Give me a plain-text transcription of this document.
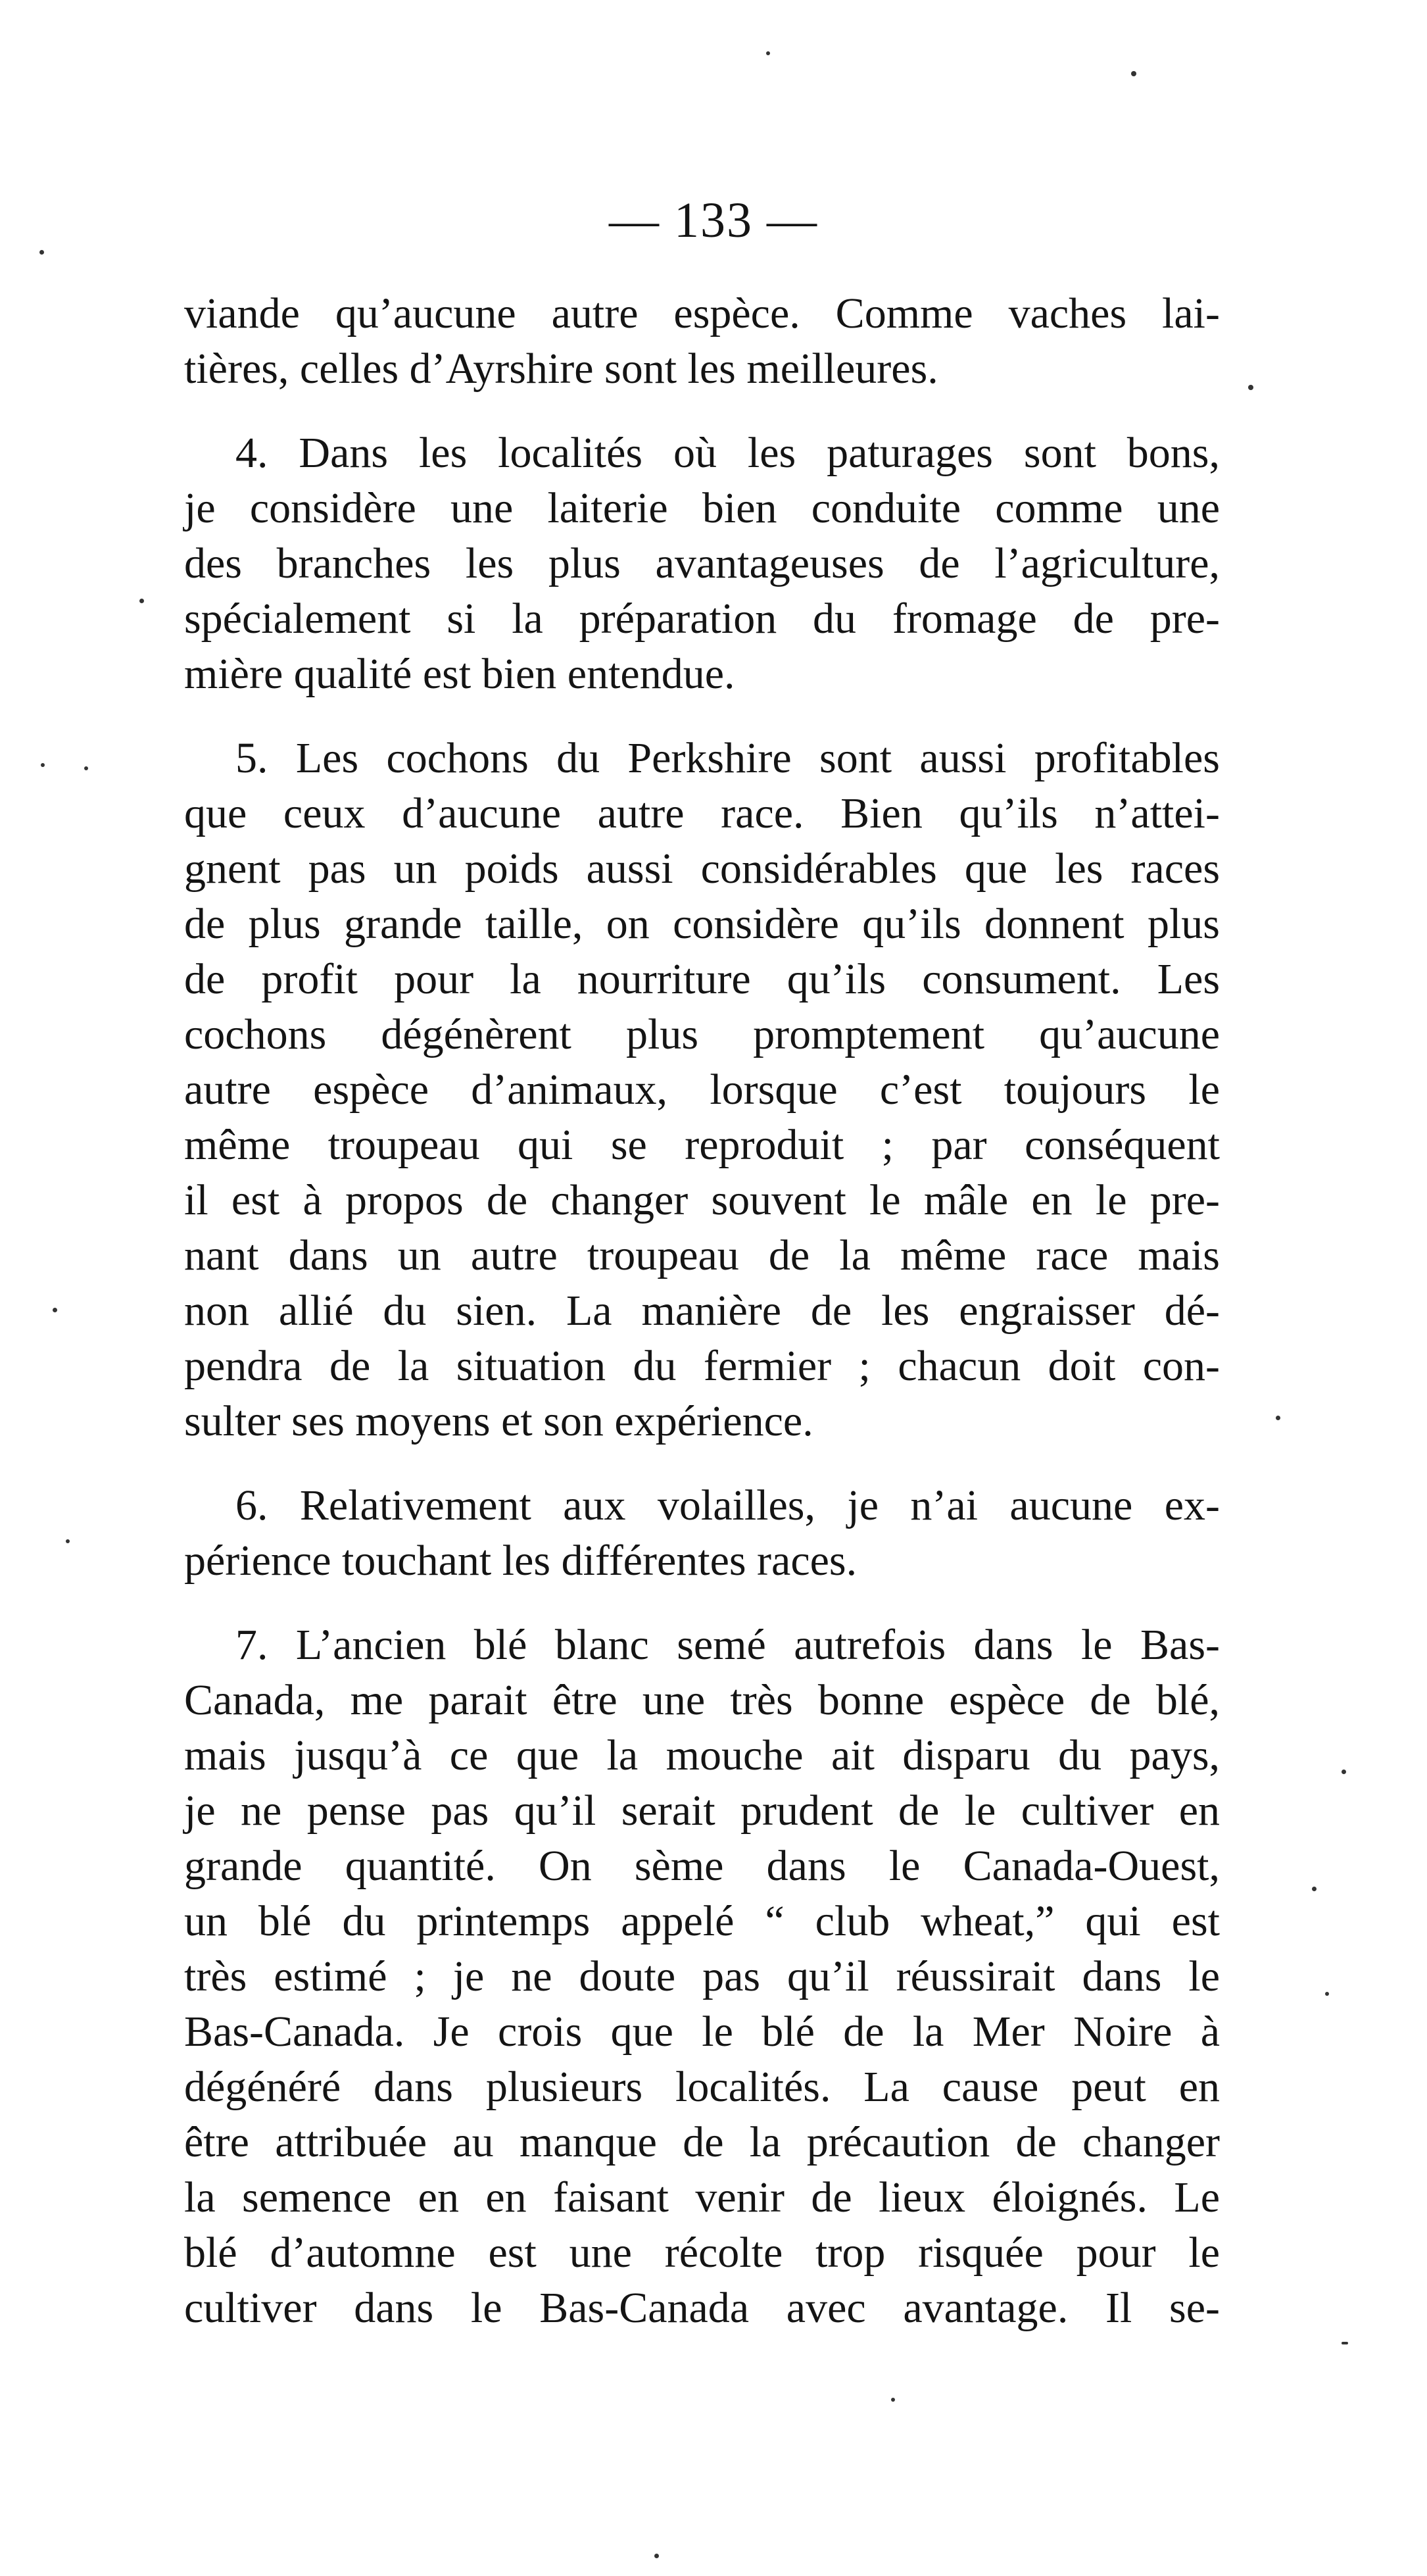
— 133 —

viande qu’aucune autre espèce. Comme vaches lai-
tières, celles d’Ayrshire sont les meilleures.

4. Dans les localités où les paturages sont bons,
je considère une laiterie bien conduite comme une
des branches les plus avantageuses de l’agriculture,
spécialement si la préparation du fromage de pre-
mière qualité est bien entendue.

5. Les cochons du Perkshire sont aussi profitables
que ceux d’aucune autre race. Bien qu’ils n’attei-
gnent pas un poids aussi considérables que les races
de plus grande taille, on considère qu’ils donnent plus
de profit pour la nourriture qu’ils consument. Les
cochons dégénèrent plus promptement qu’aucune
autre espèce d’animaux, lorsque c’est toujours le
même troupeau qui se reproduit ; par conséquent
il est à propos de changer souvent le mâle en le pre-
nant dans un autre troupeau de la même race mais
non allié du sien. La manière de les engraisser dé-
pendra de la situation du fermier ; chacun doit con-
sulter ses moyens et son expérience.

6. Relativement aux volailles, je n’ai aucune ex-
périence touchant les différentes races.

7. L’ancien blé blanc semé autrefois dans le Bas-
Canada, me parait être une très bonne espèce de blé,
mais jusqu’à ce que la mouche ait disparu du pays,
je ne pense pas qu’il serait prudent de le cultiver en
grande quantité. On sème dans le Canada-Ouest,
un blé du printemps appelé “ club wheat,” qui est
très estimé ; je ne doute pas qu’il réussirait dans le
Bas-Canada. Je crois que le blé de la Mer Noire à
dégénéré dans plusieurs localités. La cause peut en
être attribuée au manque de la précaution de changer
la semence en en faisant venir de lieux éloignés. Le
blé d’automne est une récolte trop risquée pour le
cultiver dans le Bas-Canada avec avantage. Il se-
